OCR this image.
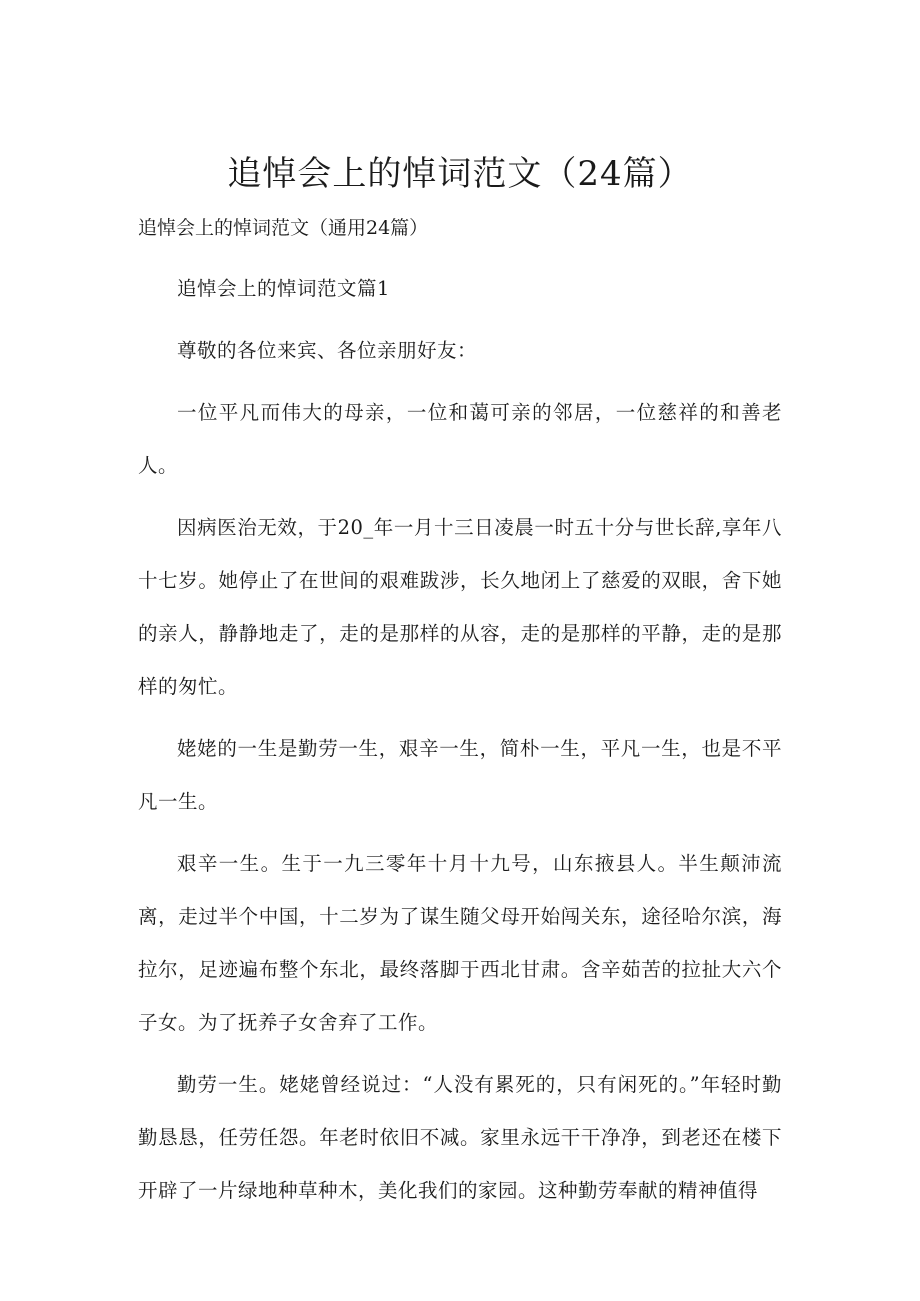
追悼会上的悼词范文（24篇）

追悼会上的悼词范文（通用24篇）

追悼会上的悼词范文篇1

尊敬的各位来宾、各位亲朋好友：

一位平凡而伟大的母亲，一位和蔼可亲的邻居，一位慈祥的和善老人。

因病医治无效，于20_年一月十三日凌晨一时五十分与世长辞,享年八十七岁。她停止了在世间的艰难跋涉，长久地闭上了慈爱的双眼，舍下她的亲人，静静地走了，走的是那样的从容，走的是那样的平静，走的是那样的匆忙。

姥姥的一生是勤劳一生，艰辛一生，简朴一生，平凡一生，也是不平凡一生。

艰辛一生。生于一九三零年十月十九号，山东掖县人。半生颠沛流离，走过半个中国，十二岁为了谋生随父母开始闯关东，途径哈尔滨，海拉尔，足迹遍布整个东北，最终落脚于西北甘肃。含辛茹苦的拉扯大六个子女。为了抚养子女舍弃了工作。

勤劳一生。姥姥曾经说过：“人没有累死的，只有闲死的。”年轻时勤勤恳恳，任劳任怨。年老时依旧不减。家里永远干干净净，到老还在楼下开辟了一片绿地种草种木，美化我们的家园。这种勤劳奉献的精神值得
